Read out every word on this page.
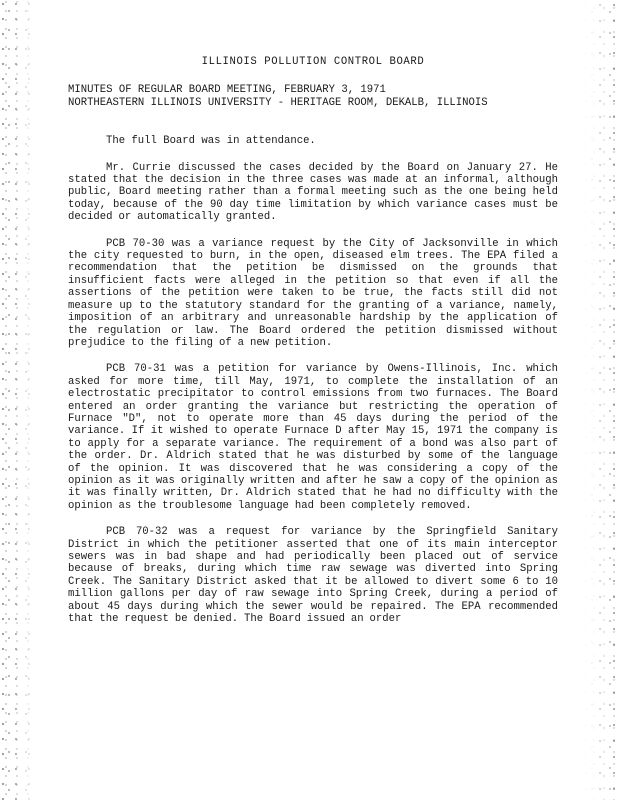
ILLINOIS POLLUTION CONTROL BOARD
MINUTES OF REGULAR BOARD MEETING, FEBRUARY 3, 1971
NORTHEASTERN ILLINOIS UNIVERSITY - HERITAGE ROOM, DEKALB, ILLINOIS

The full Board was in attendance.

Mr. Currie discussed the cases decided by the Board on January 27. He stated that the decision in the three cases was made at an informal, although public, Board meeting rather than a formal meeting such as the one being held today, because of the 90 day time limitation by which variance cases must be decided or automatically granted.

PCB 70-30 was a variance request by the City of Jacksonville in which the city requested to burn, in the open, diseased elm trees. The EPA filed a recommendation that the petition be dismissed on the grounds that insufficient facts were alleged in the petition so that even if all the assertions of the petition were taken to be true, the facts still did not measure up to the statutory standard for the granting of a variance, namely, imposition of an arbitrary and unreasonable hardship by the application of the regulation or law. The Board ordered the petition dismissed without prejudice to the filing of a new petition.

PCB 70-31 was a petition for variance by Owens-Illinois, Inc. which asked for more time, till May, 1971, to complete the installation of an electrostatic precipitator to control emissions from two furnaces. The Board entered an order granting the variance but restricting the operation of Furnace "D", not to operate more than 45 days during the period of the variance. If it wished to operate Furnace D after May 15, 1971 the company is to apply for a separate variance. The requirement of a bond was also part of the order. Dr. Aldrich stated that he was disturbed by some of the language of the opinion. It was discovered that he was considering a copy of the opinion as it was originally written and after he saw a copy of the opinion as it was finally written, Dr. Aldrich stated that he had no difficulty with the opinion as the troublesome language had been completely removed.

PCB 70-32 was a request for variance by the Springfield Sanitary District in which the petitioner asserted that one of its main interceptor sewers was in bad shape and had periodically been placed out of service because of breaks, during which time raw sewage was diverted into Spring Creek. The Sanitary District asked that it be allowed to divert some 6 to 10 million gallons per day of raw sewage into Spring Creek, during a period of about 45 days during which the sewer would be repaired. The EPA recommended that the request be denied. The Board issued an order
